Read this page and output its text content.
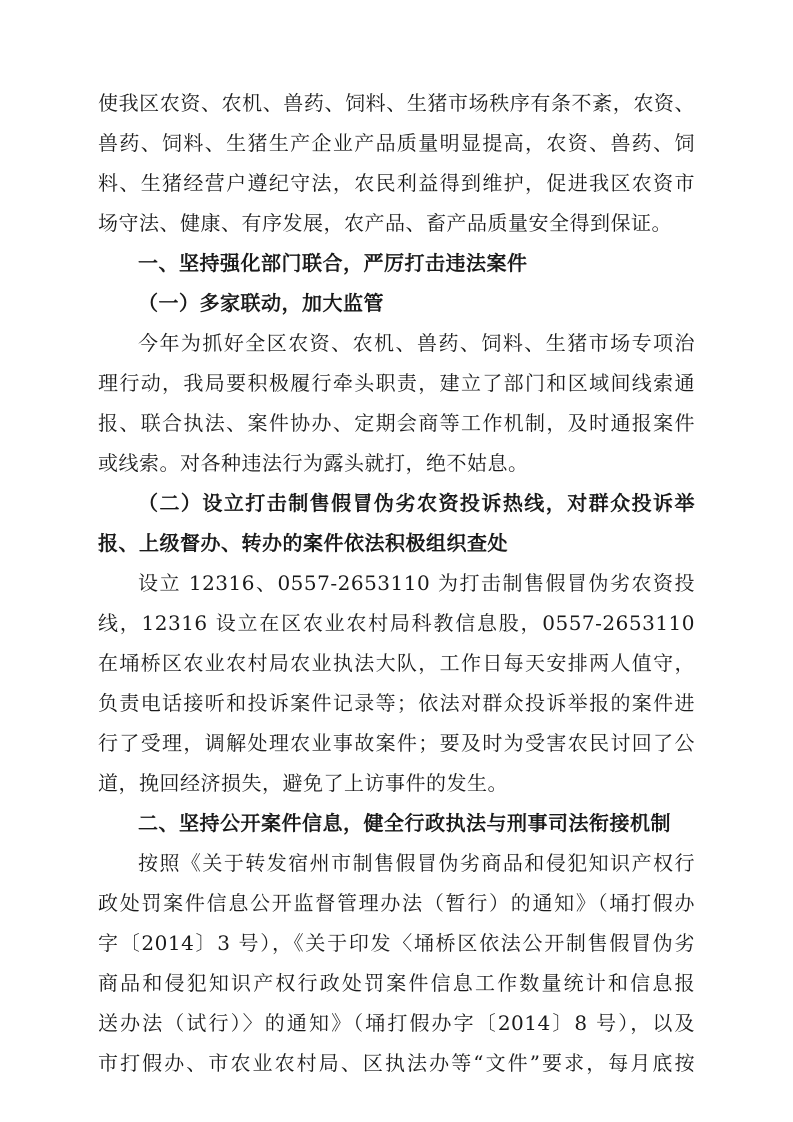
使我区农资、农机、兽药、饲料、生猪市场秩序有条不紊，农资、
兽药、饲料、生猪生产企业产品质量明显提高，农资、兽药、饲
料、生猪经营户遵纪守法，农民利益得到维护，促进我区农资市
场守法、健康、有序发展，农产品、畜产品质量安全得到保证。
一、坚持强化部门联合，严厉打击违法案件
（一）多家联动，加大监管
今年为抓好全区农资、农机、兽药、饲料、生猪市场专项治
理行动，我局要积极履行牵头职责，建立了部门和区域间线索通
报、联合执法、案件协办、定期会商等工作机制，及时通报案件
或线索。对各种违法行为露头就打，绝不姑息。
（二）设立打击制售假冒伪劣农资投诉热线，对群众投诉举
报、上级督办、转办的案件依法积极组织查处
设立 12316、0557-2653110 为打击制售假冒伪劣农资投
线，12316 设立在区农业农村局科教信息股，0557-2653110
在埇桥区农业农村局农业执法大队，工作日每天安排两人值守，
负责电话接听和投诉案件记录等；依法对群众投诉举报的案件进
行了受理，调解处理农业事故案件；要及时为受害农民讨回了公
道，挽回经济损失，避免了上访事件的发生。
二、坚持公开案件信息，健全行政执法与刑事司法衔接机制
按照《关于转发宿州市制售假冒伪劣商品和侵犯知识产权行
政处罚案件信息公开监督管理办法（暂行）的通知》（埇打假办
字〔2014〕3 号），《关于印发〈埇桥区依法公开制售假冒伪劣
商品和侵犯知识产权行政处罚案件信息工作数量统计和信息报
送办法（试行）〉的通知》（埇打假办字〔2014〕8 号），以及
市打假办、市农业农村局、区执法办等“文件”要求，每月底按
